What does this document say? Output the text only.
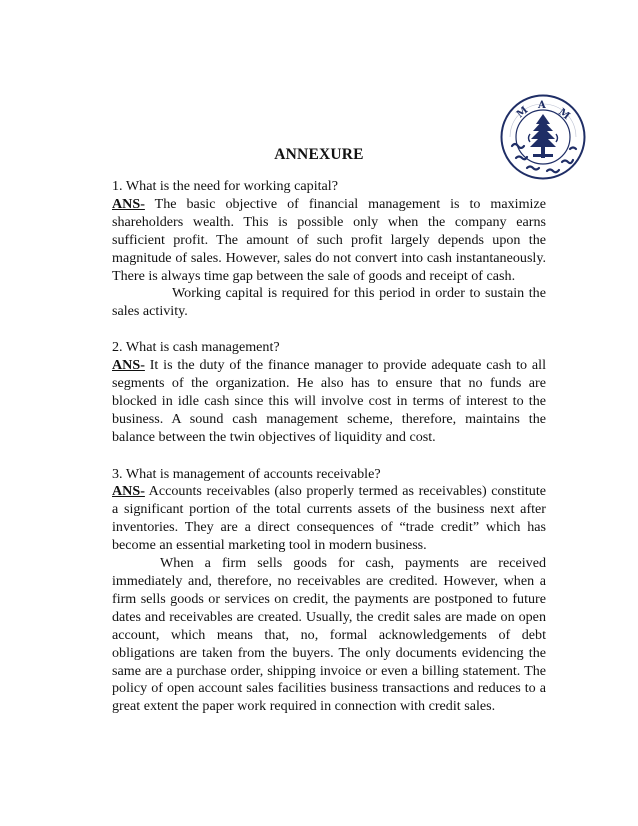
M A
M
ANNEXURE

1. What is the need for working capital?

ANS- The basic objective of financial management is to maximize shareholders wealth. This is possible only when the company earns sufficient profit. The amount of such profit largely depends upon the magnitude of sales. However, sales do not convert into cash instantaneously. There is always time gap between the sale of goods and receipt of cash.

Working capital is required for this period in order to sustain the sales activity.

2. What is cash management?

ANS- It is the duty of the finance manager to provide adequate cash to all segments of the organization. He also has to ensure that no funds are blocked in idle cash since this will involve cost in terms of interest to the business. A sound cash management scheme, therefore, maintains the balance between the twin objectives of liquidity and cost.

3. What is management of accounts receivable?

ANS- Accounts receivables (also properly termed as receivables) constitute a significant portion of the total currents assets of the business next after inventories. They are a direct consequences of “trade credit” which has become an essential marketing tool in modern business.

When a firm sells goods for cash, payments are received immediately and, therefore, no receivables are credited. However, when a firm sells goods or services on credit, the payments are postponed to future dates and receivables are created. Usually, the credit sales are made on open account, which means that, no, formal acknowledgements of debt obligations are taken from the buyers. The only documents evidencing the same are a purchase order, shipping invoice or even a billing statement. The policy of open account sales facilities business transactions and reduces to a great extent the paper work required in connection with credit sales.
